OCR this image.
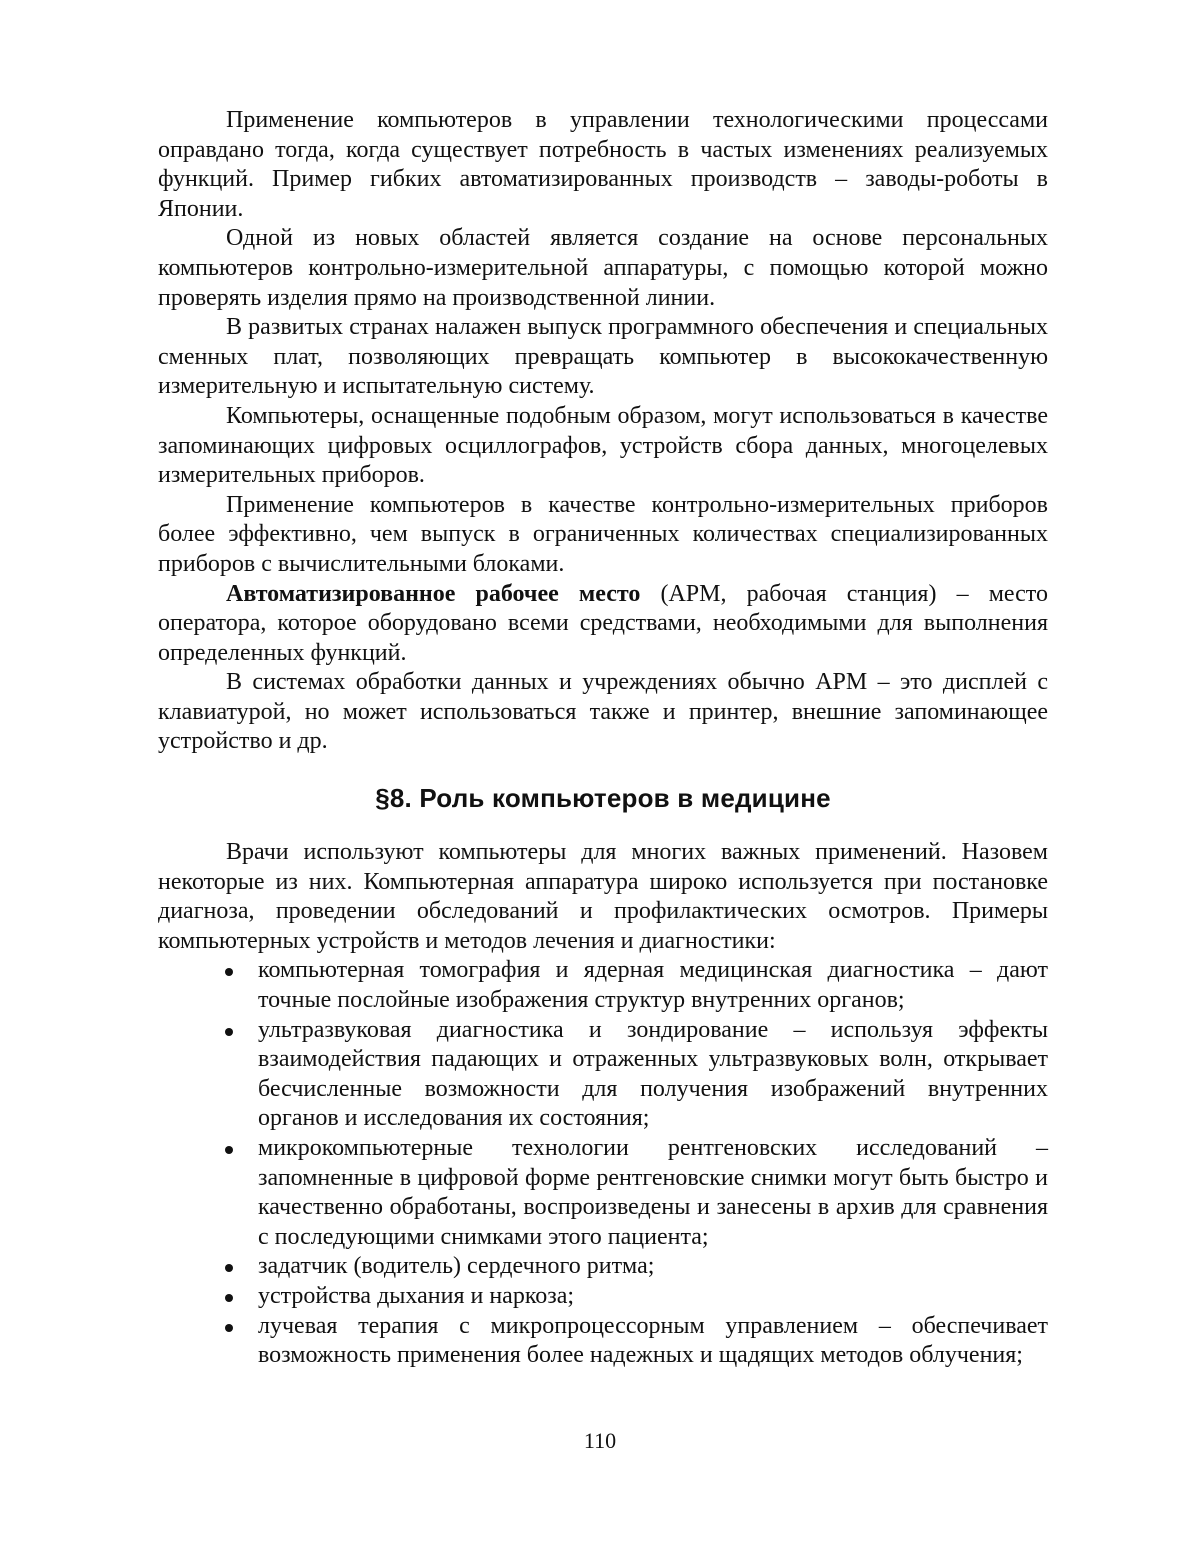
Применение компьютеров в управлении технологическими процессами оправдано тогда, когда существует потребность в частых изменениях реализуемых функций. Пример гибких автоматизированных производств – заводы-роботы в Японии.

Одной из новых областей является создание на основе персональных компьютеров контрольно-измерительной аппаратуры, с помощью которой можно проверять изделия прямо на производственной линии.

В развитых странах налажен выпуск программного обеспечения и специальных сменных плат, позволяющих превращать компьютер в высококачественную измерительную и испытательную систему.

Компьютеры, оснащенные подобным образом, могут использоваться в качестве запоминающих цифровых осциллографов, устройств сбора данных, многоцелевых измерительных приборов.

Применение компьютеров в качестве контрольно-измерительных приборов более эффективно, чем выпуск в ограниченных количествах специализированных приборов с вычислительными блоками.

Автоматизированное рабочее место (АРМ, рабочая станция) – место оператора, которое оборудовано всеми средствами, необходимыми для выполнения определенных функций.

В системах обработки данных и учреждениях обычно АРМ – это дисплей с клавиатурой, но может использоваться также и принтер, внешние запоминающее устройство и др.

§8. Роль компьютеров в медицине

Врачи используют компьютеры для многих важных применений. Назовем некоторые из них. Компьютерная аппаратура широко используется при постановке диагноза, проведении обследований и профилактических осмотров. Примеры компьютерных устройств и методов лечения и диагностики:

компьютерная томография и ядерная медицинская диагностика – дают точные послойные изображения структур внутренних органов;
ультразвуковая диагностика и зондирование – используя эффекты взаимодействия падающих и отраженных ультразвуковых волн, открывает бесчисленные возможности для получения изображений внутренних органов и исследования их состояния;
микрокомпьютерные технологии рентгеновских исследований – запомненные в цифровой форме рентгеновские снимки могут быть быстро и качественно обработаны, воспроизведены и занесены в архив для сравнения с последующими снимками этого пациента;
задатчик (водитель) сердечного ритма;
устройства дыхания и наркоза;
лучевая терапия с микропроцессорным управлением – обеспечивает возможность применения более надежных и щадящих методов облучения;
110
